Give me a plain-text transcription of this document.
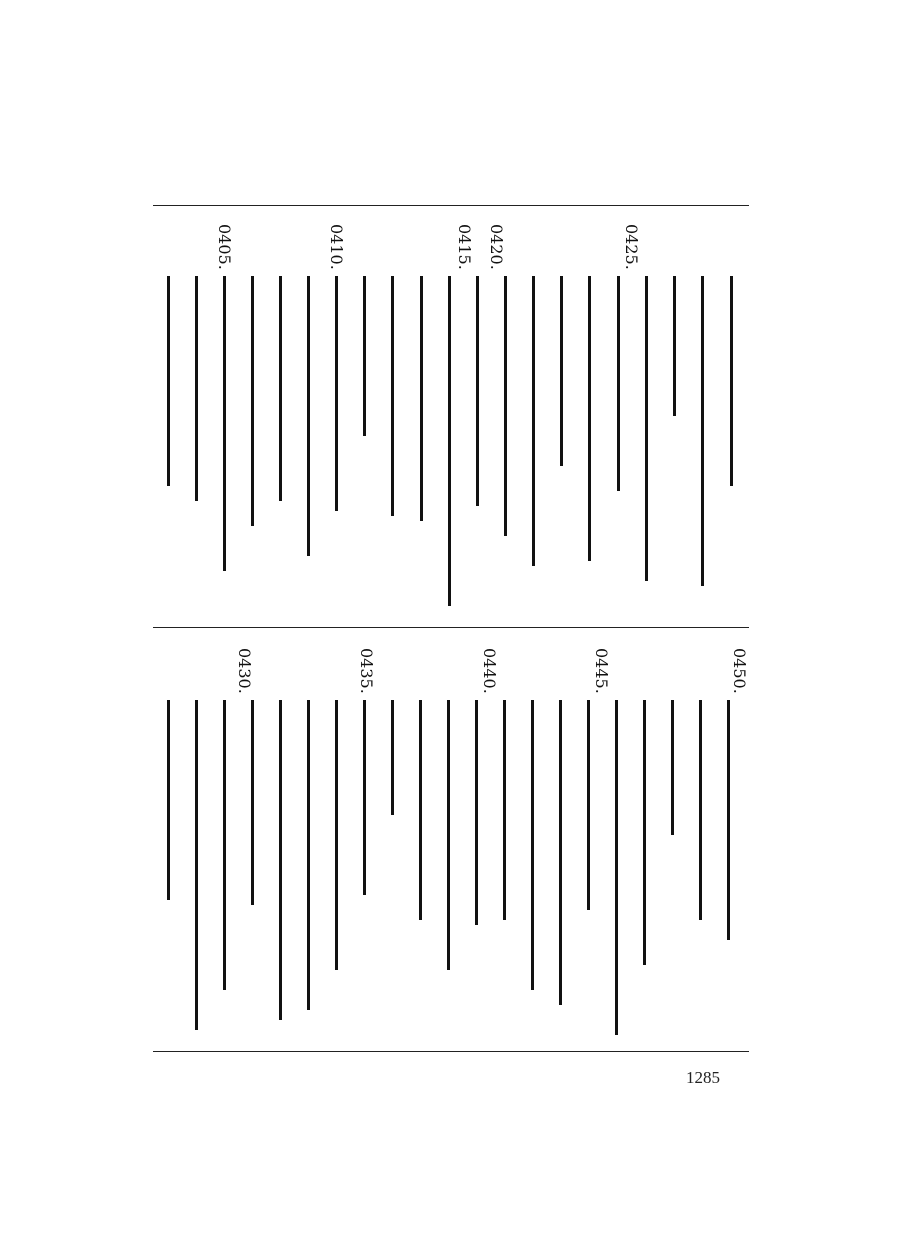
0425.
0420.
0415.
0410.
0405.
0450.
0445.
0440.
0435.
0430.
1285
